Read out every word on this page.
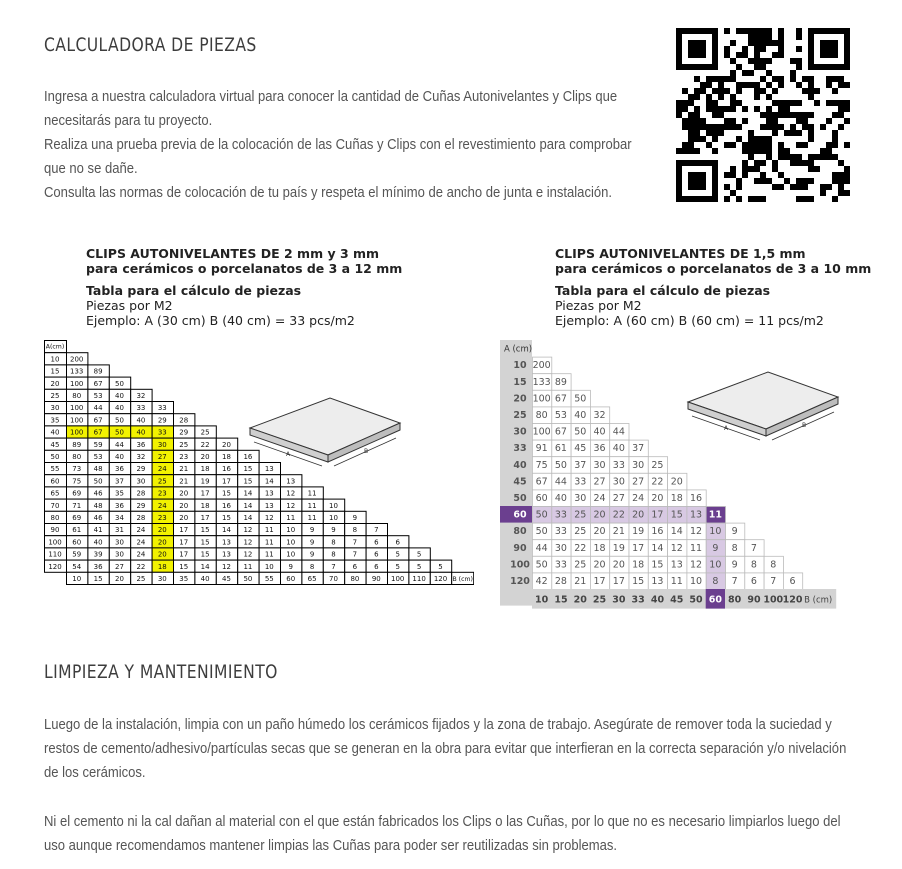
CALCULADORA DE PIEZAS
Ingresa a nuestra calculadora virtual para conocer la cantidad de Cuñas Autonivelantes y Clips que
necesitarás para tu proyecto.
Realiza una prueba previa de la colocación de las Cuñas y Clips con el revestimiento para comprobar
que no se dañe.
Consulta las normas de colocación de tu país y respeta el mínimo de ancho de junta e instalación.
CLIPS AUTONIVELANTES DE 2 mm y 3 mm
para cerámicos o porcelanatos de 3 a 12 mm
Tabla para el cálculo de piezas
Piezas por M2
Ejemplo: A (30 cm) B (40 cm) = 33 pcs/m2
CLIPS AUTONIVELANTES DE 1,5 mm
para cerámicos o porcelanatos de 3 a 10 mm
Tabla para el cálculo de piezas
Piezas por M2
Ejemplo: A (60 cm) B (60 cm) = 11 pcs/m2
A(cm)
10 200
15 133 89
20 100 67 50
25 80 53 40 32
30 100 44 40 33 33
35 100 67 50 40 29 28
40 100 67 50 40 33 29 25
45 89 59 44 36 30 25 22 20
50 80 53 40 32 27 23 20 18 16
55 73 48 36 29 24 21 18 16 15 13
60 75 50 37 30 25 21 19 17 15 14 13
65 69 46 35 28 23 20 17 15 14 13 12 11
70 71 48 36 29 24 20 18 16 14 13 12 11 10
80 69 46 34 28 23 20 17 15 14 12 11 11 10 9
90 61 41 31 24 20 17 15 14 12 11 10 9 9 8 7
100 60 40 30 24 20 17 15 13 12 11 10 9 8 7 6 6
110 59 39 30 24 20 17 15 13 12 11 10 9 8 7 6 5 5
120 54 36 27 22 18 15 14 12 11 10 9 8 7 6 6 5 5 5
10 15 20 25 30 35 40 45 50 55 60 65 70 80 90 100 110 120 B (cm)
A	B
A (cm)
10 200
15 133 89
20 100 67 50
25 80 53 40 32
30 100 67 50 40 44
33 91 61 45 36 40 37
40 75 50 37 30 33 30 25
45 67 44 33 27 30 27 22 20
50 60 40 30 24 27 24 20 18 16
60 50 33 25 20 22 20 17 15 13 11
80 50 33 25 20 21 19 16 14 12 10 9
90 44 30 22 18 19 17 14 12 11 9 8 7
100 50 33 25 20 20 18 15 13 12 10 9 8 8
120 42 28 21 17 17 15 13 11 10 8 7 6 7 6
10 15 20 25 30 33 40 45 50 60 80 90 100 120 B (cm)
A	B
LIMPIEZA Y MANTENIMIENTO
Luego de la instalación, limpia con un paño húmedo los cerámicos fijados y la zona de trabajo. Asegúrate de remover toda la suciedad y
restos de cemento/adhesivo/partículas secas que se generan en la obra para evitar que interfieran en la correcta separación y/o nivelación
de los cerámicos.
Ni el cemento ni la cal dañan al material con el que están fabricados los Clips o las Cuñas, por lo que no es necesario limpiarlos luego del
uso aunque recomendamos mantener limpias las Cuñas para poder ser reutilizadas sin problemas.
